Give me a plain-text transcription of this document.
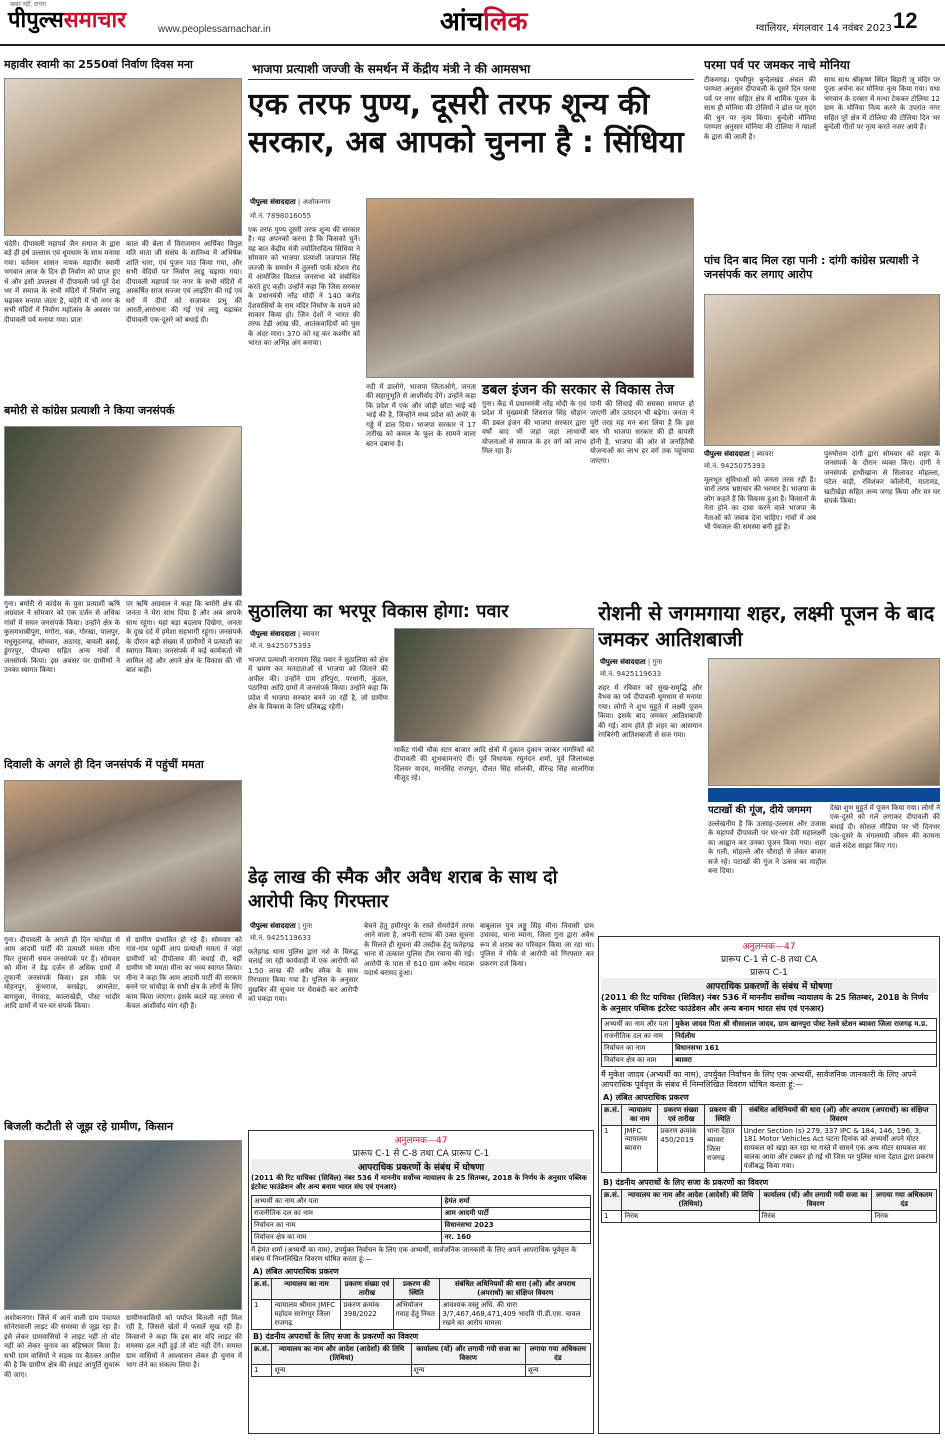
खबर नहीं, दायरा
पीपुल्ससमाचार	www.peoplessamachar.in	आंचलिक	ग्वालियर, मंगलवार 14 नवंबर 2023 12
महावीर स्वामी का 2550वां निर्वाण दिवस मना
चंदेरी। दीपावली महापर्व जैन समाज के द्वारा बड़े ही हर्ष उल्लास एवं धूमधाम के साथ मनाया गया। वर्तमान शासन नायक महावीर स्वामी भगवान आज के दिन ही निर्वाण को प्राप्त हुए थे और इसी उपलक्ष्य में दीपावली पर्व पूरे देश भर में समाज के सभी मंदिरों में निर्वाण लाडू चढ़ाकर मनाया जाता है, चंदेरी में भी नगर के सभी मंदिरों में निर्वाण महोत्सव के अवसर पर दीपावली पर्व मनाया गया। प्रातः
काल की बेला में विराजमान आर्यिका विपुल मति माता जी ससंघ के सानिध्य में अभिषेक शांति धारा, एवं पूजन पाठ किया गया, और सभी वेदियों पर निर्वाण लाडू चढ़ाया गया। दीपावली महापर्व पर नगर के सभी मंदिरों में आकर्षित साज सज्जा एवं लाइटिंग की गई एवं घरों में दीपों को सजाकर प्रभु की आरती,आराधना की गई एवं लाडू चढ़ाकर दीपावली एक-दूसरे को बधाई दी।
बमोरी से कांग्रेस प्रत्याशी ने किया जनसंपर्क
गुना। बमोरी से कांग्रेस के युवा प्रत्याशी ऋषि अग्रवाल ने सोमवार को एक दर्जन से अधिक गांवों में सघन जनसंपर्क किया। उन्होंने क्षेत्र के कुसमभाबीपुरा, मगोरा, चक्र, गोरखा, पालपुर, मधुसूदनगढ़, सोमवार, अठारह, बावली बसई, डुंगरपुर, पीपल्या सहित अन्य गांवों में जनसंपर्क किया। इस अवसर पर ग्रामीणों ने उनका स्वागत किया।
पर ऋषि अग्रवाल ने कहा कि बमोरी क्षेत्र की जनता ने मेरा साथ दिया है और अब आपके साथ रहूंगा। यहां बड़ा बदलाव दिखेगा, जनता के दुख दर्द में हमेशा सहभागी रहूंगा। जनसंपर्क के दौरान बड़ी संख्या में ग्रामीणों ने प्रत्याशी का स्वागत किया। जनसंपर्क में कई कार्यकर्ता भी शामिल रहे और अपने क्षेत्र के विकास की भी बात कही।
दिवाली के अगले ही दिन जनसंपर्क में पहुंचीं ममता
गुना। दीपावली के अगले ही दिन चांचौड़ा से आम आदमी पार्टी की प्रत्याशी ममता मीना फिर तूफानी सघन जनसंपर्क पर हैं। सोमवार को मीना ने डेढ़ दर्जन से अधिक ग्रामों में तूफानी जनसंपर्क किया। इस मौके पर मोहनपुर, कुंभराज, बरखेड़ा, आमलेटा, बागमुला, नेगवाड़, कालाखेड़ी, पोस्ट भादौर आदि ग्रामों में घर-घर संपर्क किया।
से ग्रामीण प्रभावित हो रहे हैं। सोमवार को गांव-गांव पहुंचीं आप प्रत्याशी ममता ने जहां ग्रामीणों को दीपोत्सव की बधाई दी, वहीं ग्रामीण भी ममता मीना का भव्य स्वागत किया। मीना ने कहा कि आम आदमी पार्टी की सरकार बनने पर चांचौड़ा के सभी क्षेत्र के लोगों के लिए काम किया जाएगा। इसके बदले वह जनता से केवल आशीर्वाद मांग रही हैं।
बिजली कटौती से जूझ रहे ग्रामीण, किसान
अशोकनगर। जिले में आने वाली ग्राम पंचायत सोनेरावाली लाइट की समस्या से जूझ रहा है। इसे लेकर ग्रामवासियों ने लाइट नहीं तो वोट नहीं को लेकर चुनाव का बहिष्कार किया है। सभी ग्राम वासियों ने सड़क पर बैठकर अपील की है कि ग्रामीण क्षेत्र की लाइट आपूर्ति सुचारू की जाए।
ग्रामीणवासियों को पर्याप्त बिजली नहीं मिल रही है, जिससे खेतों में फसलें सूख रही हैं। किसानों ने कहा कि इस बार यदि लाइट की समस्या हल नहीं हुई तो वोट नहीं देंगे। समस्त ग्राम वासियों ने आश्वासन लेकर ही चुनाव में भाग लेने का संकल्प लिया है।
भाजपा प्रत्याशी जज्जी के समर्थन में केंद्रीय मंत्री ने की आमसभा
एक तरफ पुण्य, दूसरी तरफ शून्य की सरकार, अब आपको चुनना है : सिंधिया
पीपुल्स संवाददाता | अशोकनगर
मो.नं. 7898016055
एक तरफ पुण्य दूसरी तरफ शून्य की सरकार है। यह अपनको करना है कि किसको चुनें। यह बात केंद्रीय मंत्री ज्योतिरादित्य सिंधिया ने सोमवार को भाजपा प्रत्याशी जजपाल सिंह जज्जी के समर्थन में तुलसी पार्क स्टेशन रोड में आयोजित विशाल जनसभा को संबोधित करते हुए कही। उन्होंने कहा कि जिस सरकार के प्रधानमंत्री नरेंद्र मोदी ने 140 करोड़ देशवासियों के राम मंदिर निर्माण के सपने को साकार किया हो। जिन देशों ने भारत की तरफ टेढ़ी आंख की, आतंकवादियों को घुस के अंदर मारा। 370 को रद्द कर कश्मीर को भारत का अभिन्न अंग बनाया।
नदी में डालोगे, भाजपा जिताओगे, जनता की सहानुभूति से आशीर्वाद देंगे। उन्होंने कहा कि प्रदेश में एक और जोड़ी छोटा भाई बड़े भाई की है, जिन्होंने मध्य प्रदेश को अंधेरे के गड्ढे में डाल दिया। भाजपा सरकार ने 17 तारीख को कमल के फूल के सामने वाला बटन दबाना है।
डबल इंजन की सरकार से विकास तेज
गुना। केंद्र में प्रधानमंत्री नरेंद्र मोदी के एवं प्रदेश में मुख्यमंत्री शिवराज सिंह चौहान की डबल इंजन की भाजपा सरकार द्वारा वर्षों बाद भी जहां जहां लाभार्थी योजनाओं से समाज के हर वर्ग को लाभ मिल रहा है।
पानी की सिंचाई की समस्या समाप्त हो जाएगी और उत्पादन भी बढ़ेगा। जनता ने पूरी तरह यह मन बना लिया है कि इस बार भी भाजपा सरकार की ही वापसी होनी है, भाजपा की ओर से जनहितैषी योजनाओं का लाभ हर वर्ग तक पहुंचाया जाएगा।
परमा पर्व पर जमकर नाचे मोनिया
टीकमगढ़। पृथ्वीपुर बुन्देलखंड अंचल की परम्परा अनुसार दीपावली के दूसरे दिन परमा पर्व पर नगर सहित क्षेत्र में धार्मिक पूजन के साथ ही मोनिया की टोलियों ने ढोल पर मृदंग की धुन पर नृत्य किया। बुन्देली मौनिया परम्परा अनुसार मोनिया की टोलिया ने ग्वालों के द्वारा की जाती है।
साथ साथ श्रीकृष्ण स्थित बिहारी जू मंदिर पर पूजा अर्चना कर मोनिया नृत्य किया गया। यथा भगवान के दरबार में मत्था टेककर टोलिया 12 ग्राम के मोनिया नित्य करने के उपरांत नगर सहित पूरे क्षेत्र में टोलिया की टोलिया दिन भर बुन्देली गीतों पर नृत्य करते नजर आये हैं।
पांच दिन बाद मिल रहा पानी : दांगी कांग्रेस प्रत्याशी ने जनसंपर्क कर लगाए आरोप
पीपुल्स संवाददाता | ब्यावरा
मो.नं. 9425075393
मूलभूत सुविधाओं को जनता तरस रही है। चारों तरफ भ्रष्टाचार की भरमार है। भाजपा के लोग कहते हैं कि विकास हुआ है। किसानों के नेता होने का दावा करने वाले भाजपा के नेताओं को जवाब देना चाहिए। गांवों में अब भी पेयजल की समस्या बनी हुई है।
पुरुषोत्तम दांगी द्वारा सोमवार को शहर के जनसंपर्क के दौरान व्यक्त किए। दांगी ने जनसंपर्क हाथीखाना से सिलावट मोहल्ला, पटेल वाड़ी, रविशंकर कॉलोनी, मातामंड, खटीखेड़ा सहित अन्य जगह किया और घर घर संपर्क किया।
सुठालिया का भरपूर विकास होगा: पवार
पीपुल्स संवाददाता | ब्यावरा
मो.नं. 9425075393
भाजपा प्रत्याशी नारायण सिंह पवार ने सुठालिया को क्षेत्र में भ्रमण कर मतदाताओं से भाजपा को जिताने की अपील की। उन्होंने ग्राम हरिपुरा, परधानी, कुंडल, पठारिया आदि ग्रामों में जनसंपर्क किया। उन्होंने कहा कि प्रदेश में भाजपा सरकार बनने जा रही है, जो ग्रामीण क्षेत्र के विकास के लिए प्रतिबद्ध रहेगी।
मार्केट गांधी चौक स्टार बाजार आदि क्षेत्रों में दुकान दुकान जाकर नागरिकों को दीपावली की शुभकामनाएं दीं। पूर्व विधायक रघुनंदन शर्मा, पूर्व जिलाध्यक्ष दिलवर यादव, मानसिंह राजपूत, दौलत सिंह सोलंकी, वीरेन्द्र सिंह सालगिया मौजूद रहे।
रोशनी से जगमगाया शहर, लक्ष्मी पूजन के बाद जमकर आतिशबाजी
पीपुल्स संवाददाता | गुना
मो.नं. 9425119633
शहर में रविवार को सुख-समृद्धि और वैभव का पर्व दीपावली धूमधाम से मनाया गया। लोगों ने शुभ मुहूर्त में लक्ष्मी पूजन किया। इसके बाद जमकर आतिशबाजी की गई। शाम होते ही शहर का आसमान रंगबिरंगी आतिशबाजी से सज गया।
देखा शुभ मुहूर्त में पूजन किया गया। लोगों ने एक-दूसरे को गले लगाकर दीपावली की बधाई दी। सोशल मीडिया पर भी दिनभर एक-दूसरे के मंगलमयी जीवन की कामना वाले संदेश साझा किए गए।
पटाखों की गूंज, दीये जगमग
उल्लेखनीय है कि उत्साह-उल्लास और उजास के महापर्व दीपावली पर घर-घर देवी महालक्ष्मी का आह्वान कर उनका पूजन किया गया। शहर के गली, मोहल्ले और चौराहों से लेकर बाजार सजे रहे। पटाखों की गूंज ने उत्सव का माहौल बना दिया।
डेढ़ लाख की स्मैक और अवैध शराब के साथ दो आरोपी किए गिरफ्तार
पीपुल्स संवाददाता | गुना
मो.नं. 9425119633
फतेहगढ़ थाना पुलिस द्वारा नशे के विरुद्ध चलाई जा रही कार्यवाही में एक आरोपी को 1.50 लाख की अवैध स्मैक के साथ गिरफ्तार किया गया है। पुलिस के अनुसार मुखबिर की सूचना पर घेराबंदी कर आरोपी को पकड़ा गया।
बेचने हेतु हमीरपुर के रास्ते सेमरोडेर्न तरफ आने वाला है, अपनी स्टाफ की उक्त सूचना के मिलते ही सूचना की तस्दीक हेतु फतेहगढ़ थाना से तत्काल पुलिस टीम रवाना की गई। आरोपी के पास से 610 ग्राम अवैध मादक पदार्थ बरामद हुआ।
बाबूलाल पुत्र लड्डू सिंह मीना निवासी ग्राम उचावद, थाना म्याना, जिला गुना द्वारा अवैध रूप से शराब का परिवहन किया जा रहा था। पुलिस ने मौके से आरोपी को गिरफ्तार कर प्रकरण दर्ज किया।
अनुलग्नक—47
प्रारूप C-1 से C-8 तथा CA प्रारूप C-1
आपराधिक प्रकरणों के संबंध में घोषणा
(2011 की रिट याचिका (सिविल) नंबर 536 में माननीय सर्वोच्च न्यायालय के 25 सितम्बर, 2018 के निर्णय के अनुसार पब्लिक इंटरेस्ट फाउंडेशन और अन्य बनाम भारत संघ एवं एनआर)
अभ्यर्थी का नाम और पता	हेमंत शर्मा
राजनीतिक दल का नाम	आम आदमी पार्टी
निर्वाचन का नाम	विधानसभा 2023
निर्वाचन क्षेत्र का नाम	नर. 160
मैं हेमंत शर्मा (अभ्यर्थी का नाम), उपर्युक्त निर्वाचन के लिए एक अभ्यर्थी, सार्वजनिक जानकारी के लिए अपने आपराधिक पूर्ववृत्त के संबंध में निम्नलिखित विवरण घोषित करता हूं:—
A) लंबित आपराधिक प्रकरण
क्र.सं.	न्यायालय का नाम	प्रकरण संख्या एवं तारीख	प्रकरण की स्थिति	संबंधित अधिनियमों की धारा (ओं) और अपराध (अपराधों) का संक्षिप्त विवरण
1	न्यायालय श्रीमान JMFC महोदय सारंगपुर जिला राजगढ़	प्रकरण क्रमांक 398/2022	अभियोजन गवाह हेतु नियत	आवश्यक वस्तु अधि. की धारा 3/7,467,468,471,409 भादवि पी.डी.एस. चावल रखने का आरोप मामला
B) दंडनीय अपराधों के लिए सजा के प्रकरणों का विवरण
क्र.सं.	न्यायालय का नाम और आदेश (आदेशों) की तिथि (तिथियां)	कार्यालय (यों) और लगायी गयी सजा का विवरण	लगाया गया अधिकतम दंड
1	शून्य	शून्य	शून्य
अनुलग्नक—47
प्रारूप C-1 से C-8 तथा CA
प्रारूप C-1
आपराधिक प्रकरणों के संबंध में घोषणा
(2011 की रिट याचिका (सिविल) नंबर 536 में माननीय सर्वोच्च न्यायालय के 25 सितम्बर, 2018 के निर्णय के अनुसार पब्लिक इंटरेस्ट फाउंडेशन और अन्य बनाम भारत संघ एवं एनआर)
अभ्यर्थी का नाम और पता	मुकेश जादव पिता श्री धीसालाल जादव, ग्राम खानपुरा पोस्ट रेलवे स्टेशन ब्यावरा जिला राजगढ़ म.प्र.
राजनीतिक दल का नाम	निर्दलीय
निर्वाचन का नाम	विधानसभा 161
निर्वाचन क्षेत्र का नाम	ब्यावरा
मैं मुकेश जादव (अभ्यर्थी का नाम), उपर्युक्त निर्वाचन के लिए एक अभ्यर्थी, सार्वजनिक जानकारी के लिए अपने आपराधिक पूर्ववृत्त के संबंध में निम्नलिखित विवरण घोषित करता हूं:—
A) लंबित आपराधिक प्रकरण
क्र.सं.	न्यायालय का नाम	प्रकरण संख्या एवं तारीख	प्रकरण की स्थिति	संबंधित अधिनियमों की धारा (ओं) और अपराध (अपराधों) का संक्षिप्त विवरण
1	JMFC न्यायालय ब्यावरा	प्रकरण क्रमांक 450/2019	थाना देहात ब्यावरा जिला राजगढ़	Under Section (s) 279, 337 IPC & 184, 146, 196, 3, 181 Motor Vehicles Act घटना दिनांक को अभ्यर्थी अपने मोटर सायकल को खड़ा कर रहा था रास्ते में सामने एक अन्य मोटर सायकल का चालक आया और टक्कर हो गई थी जिस पर पुलिस थाना देहात द्वारा प्रकरण पंजीबद्ध किया गया।
B) दंडनीय अपराधों के लिए सजा के प्रकरणों का विवरण
क्र.सं.	न्यायालय का नाम और आदेश (आदेशों) की तिथि (तिथियां)	कार्यालय (यों) और लगायी गयी सजा का विवरण	लगाया गया अधिकतम दंड
1	निरंक	निरंक	निरंक
